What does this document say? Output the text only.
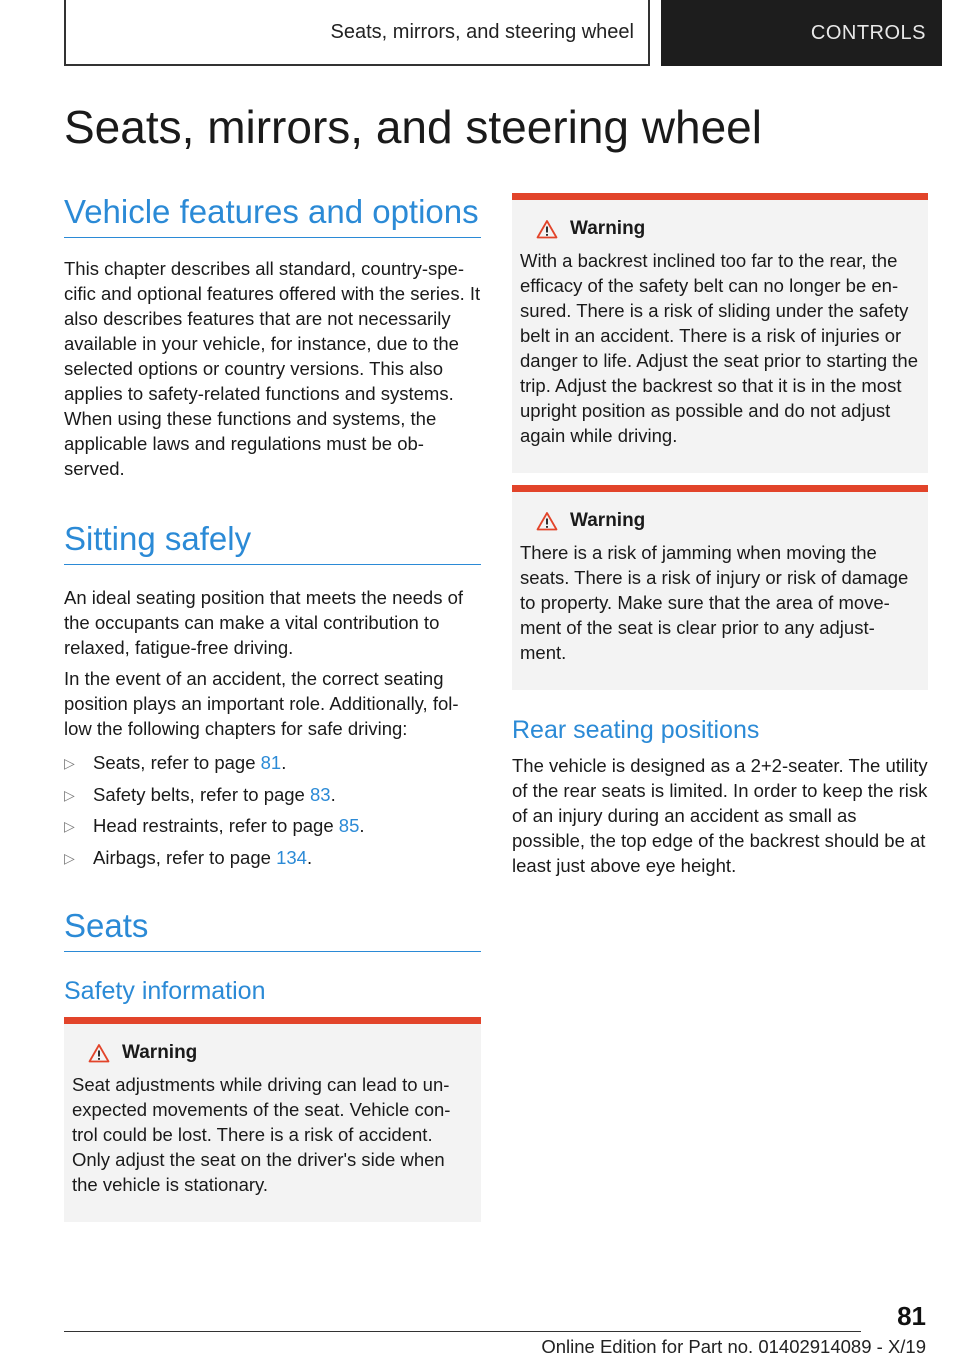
Seats, mirrors, and steering wheel	CONTROLS
Seats, mirrors, and steering wheel
Vehicle features and options

This chapter describes all standard, country-spe-cific and optional features offered with the series. It also describes features that are not necessarily available in your vehicle, for instance, due to the selected options or country versions. This also applies to safety-related functions and systems. When using these functions and systems, the applicable laws and regulations must be ob-served.

Sitting safely

An ideal seating position that meets the needs of the occupants can make a vital contribution to relaxed, fatigue-free driving.

In the event of an accident, the correct seating position plays an important role. Additionally, fol-low the following chapters for safe driving:

▷ Seats, refer to page 81.
▷ Safety belts, refer to page 83.
▷ Head restraints, refer to page 85.
▷ Airbags, refer to page 134.
Seats
Safety information
Warning

Seat adjustments while driving can lead to un-expected movements of the seat. Vehicle con-trol could be lost. There is a risk of accident. Only adjust the seat on the driver's side when the vehicle is stationary.

Warning

With a backrest inclined too far to the rear, the efficacy of the safety belt can no longer be en-sured. There is a risk of sliding under the safety belt in an accident. There is a risk of injuries or danger to life. Adjust the seat prior to starting the trip. Adjust the backrest so that it is in the most upright position as possible and do not adjust again while driving.

Warning

There is a risk of jamming when moving the seats. There is a risk of injury or risk of damage to property. Make sure that the area of move-ment of the seat is clear prior to any adjust-ment.

Rear seating positions

The vehicle is designed as a 2+2-seater. The utility of the rear seats is limited. In order to keep the risk of an injury during an accident as small as possible, the top edge of the backrest should be at least just above eye height.

81
Online Edition for Part no. 01402914089 - X/19
